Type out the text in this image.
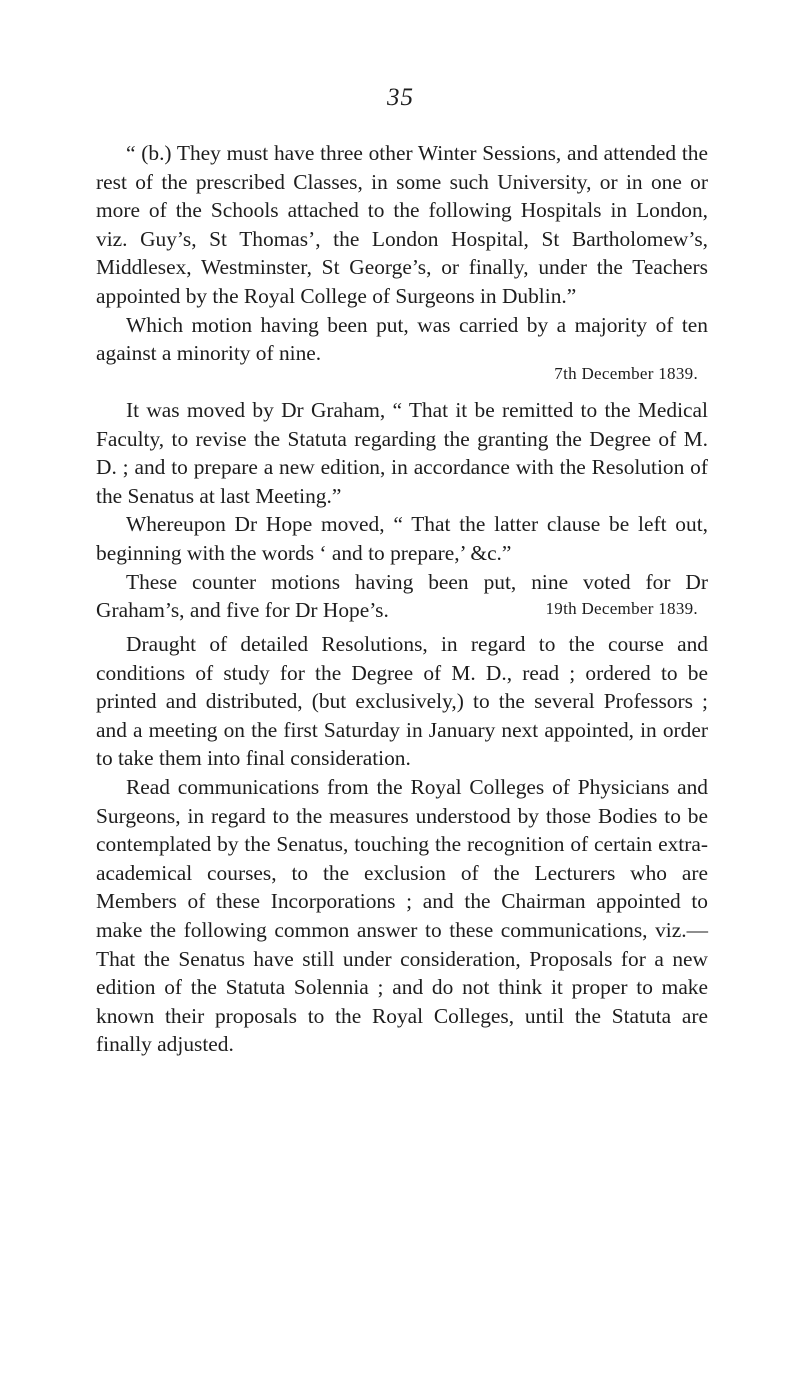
35

“ (b.) They must have three other Winter Sessions, and attended the rest of the prescribed Classes, in some such University, or in one or more of the Schools attached to the following Hospitals in London, viz. Guy’s, St Thomas’, the London Hospital, St Bartholomew’s, Middlesex, Westminster, St George’s, or finally, under the Teachers appointed by the Royal College of Surgeons in Dublin.”

Which motion having been put, was carried by a majority of ten against a minority of nine.

7th December 1839.

It was moved by Dr Graham, “ That it be remitted to the Medical Faculty, to revise the Statuta regarding the granting the Degree of M. D. ; and to prepare a new edition, in accordance with the Resolution of the Senatus at last Meeting.”

Whereupon Dr Hope moved, “ That the latter clause be left out, beginning with the words ‘ and to prepare,’ &c.”

These counter motions having been put, nine voted for Dr Graham’s, and five for Dr Hope’s.	19th December 1839.

Draught of detailed Resolutions, in regard to the course and conditions of study for the Degree of M. D., read ; ordered to be printed and distributed, (but exclusively,) to the several Professors ; and a meeting on the first Saturday in January next appointed, in order to take them into final consideration.

Read communications from the Royal Colleges of Physicians and Surgeons, in regard to the measures understood by those Bodies to be contemplated by the Senatus, touching the recognition of certain extra-academical courses, to the exclusion of the Lecturers who are Members of these Incorporations ; and the Chairman appointed to make the following common answer to these communications, viz.—That the Senatus have still under consideration, Proposals for a new edition of the Statuta Solennia ; and do not think it proper to make known their proposals to the Royal Colleges, until the Statuta are finally adjusted.
